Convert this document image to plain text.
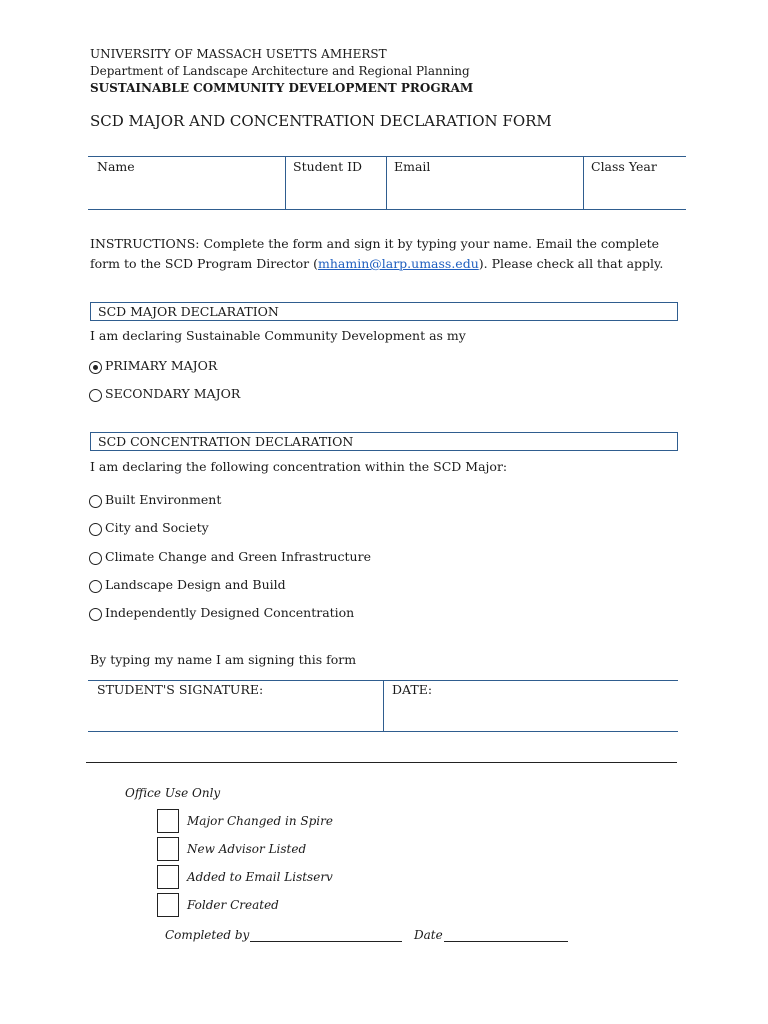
UNIVERSITY OF MASSACH USETTS AMHERST
Department of Landscape Architecture and Regional Planning
SUSTAINABLE COMMUNITY DEVELOPMENT PROGRAM
SCD MAJOR AND CONCENTRATION DECLARATION FORM
Name	Student ID	Email	Class Year
INSTRUCTIONS: Complete the form and sign it by typing your name. Email the complete form to the SCD Program Director (mhamin@larp.umass.edu). Please check all that apply.
SCD MAJOR DECLARATION
I am declaring Sustainable Community Development as my
PRIMARY MAJOR
SECONDARY MAJOR
SCD CONCENTRATION DECLARATION
I am declaring the following concentration within the SCD Major:
Built Environment
City and Society
Climate Change and Green Infrastructure
Landscape Design and Build
Independently Designed Concentration
By typing my name I am signing this form
STUDENT'S SIGNATURE:	DATE:
Office Use Only
Major Changed in Spire
New Advisor Listed
Added to Email Listserv
Folder Created
Completed by	Date
